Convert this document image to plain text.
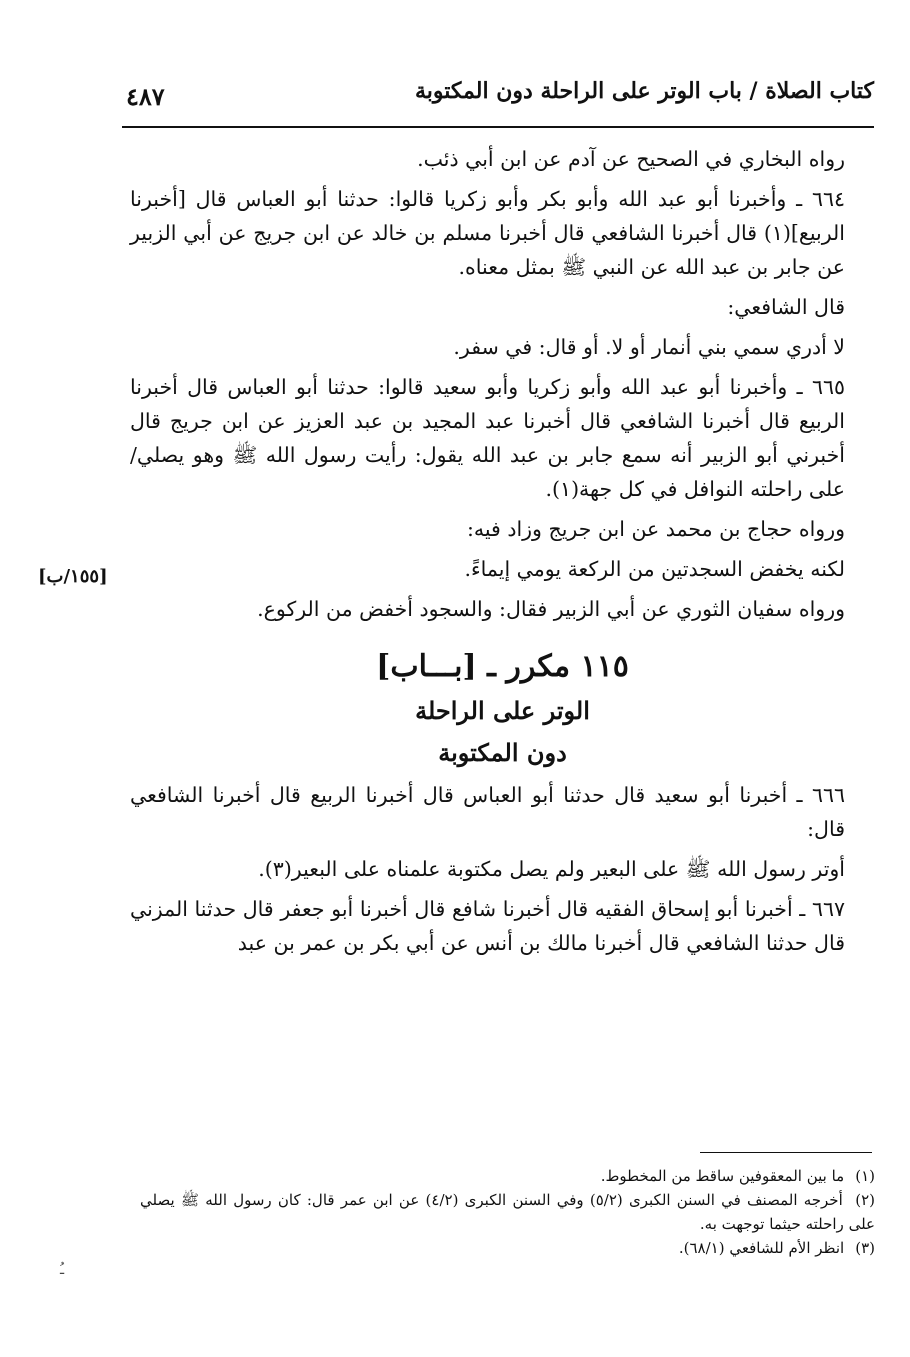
كتاب الصلاة / باب الوتر على الراحلة دون المكتوبة
٤٨٧

رواه البخاري في الصحيح عن آدم عن ابن أبي ذئب.

٦٦٤ ـ وأخبرنا أبو عبد الله وأبو بكر وأبو زكريا قالوا: حدثنا أبو العباس قال [أخبرنا الربيع](١) قال أخبرنا الشافعي قال أخبرنا مسلم بن خالد عن ابن جريج عن أبي الزبير عن جابر بن عبد الله عن النبي ﷺ بمثل معناه.

قال الشافعي:

لا أدري سمي بني أنمار أو لا. أو قال: في سفر.

٦٦٥ ـ وأخبرنا أبو عبد الله وأبو زكريا وأبو سعيد قالوا: حدثنا أبو العباس قال أخبرنا الربيع قال أخبرنا الشافعي قال أخبرنا عبد المجيد بن عبد العزيز عن ابن جريج قال أخبرني أبو الزبير أنه سمع جابر بن عبد الله يقول: رأيت رسول الله ﷺ وهو يصلي/على راحلته النوافل في كل جهة(١).

ورواه حجاج بن محمد عن ابن جريج وزاد فيه:

لكنه يخفض السجدتين من الركعة يومي إيماءً.

ورواه سفيان الثوري عن أبي الزبير فقال: والسجود أخفض من الركوع.

١١٥ مكرر ـ [بـــاب]
الوتر على الراحلة
دون المكتوبة

٦٦٦ ـ أخبرنا أبو سعيد قال حدثنا أبو العباس قال أخبرنا الربيع قال أخبرنا الشافعي قال:

أوتر رسول الله ﷺ على البعير ولم يصل مكتوبة علمناه على البعير(٣).

٦٦٧ ـ أخبرنا أبو إسحاق الفقيه قال أخبرنا شافع قال أخبرنا أبو جعفر قال حدثنا المزني قال حدثنا الشافعي قال أخبرنا مالك بن أنس عن أبي بكر بن عمر بن عبد

[١٥٥/ب]

(١) ما بين المعقوفين ساقط من المخطوط.

(٢) أخرجه المصنف في السنن الكبرى (٥/٢) وفي السنن الكبرى (٤/٢) عن ابن عمر قال: كان رسول الله ﷺ يصلي على راحلته حيثما توجهت به.

(٣) انظر الأم للشافعي (٦٨/١).

ﹹ
